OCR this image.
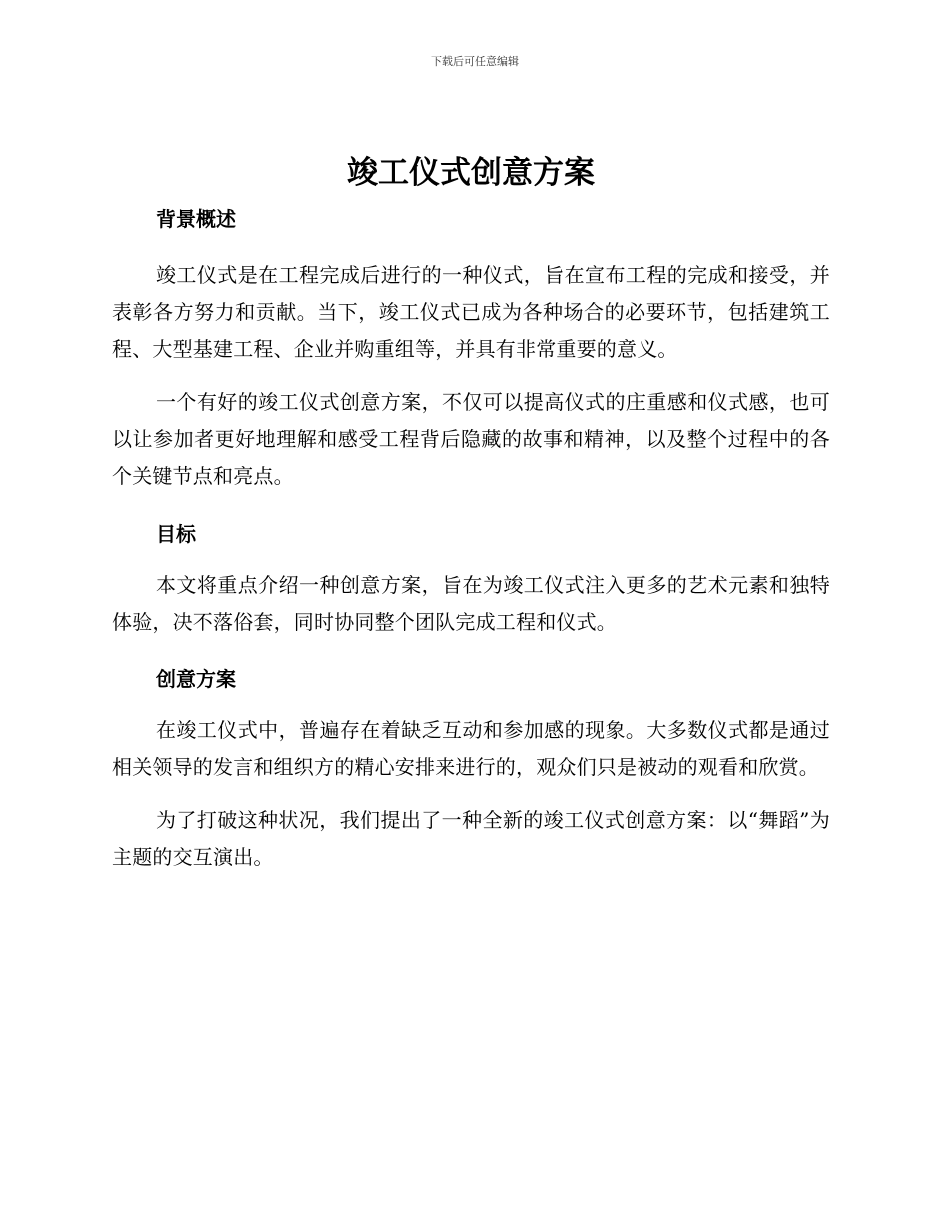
下载后可任意编辑
竣工仪式创意方案
背景概述

竣工仪式是在工程完成后进行的一种仪式，旨在宣布工程的完成和接受，并表彰各方努力和贡献。当下，竣工仪式已成为各种场合的必要环节，包括建筑工程、大型基建工程、企业并购重组等，并具有非常重要的意义。

一个有好的竣工仪式创意方案，不仅可以提高仪式的庄重感和仪式感，也可以让参加者更好地理解和感受工程背后隐藏的故事和精神，以及整个过程中的各个关键节点和亮点。

目标

本文将重点介绍一种创意方案，旨在为竣工仪式注入更多的艺术元素和独特体验，决不落俗套，同时协同整个团队完成工程和仪式。

创意方案

在竣工仪式中，普遍存在着缺乏互动和参加感的现象。大多数仪式都是通过相关领导的发言和组织方的精心安排来进行的，观众们只是被动的观看和欣赏。

为了打破这种状况，我们提出了一种全新的竣工仪式创意方案：以“舞蹈”为主题的交互演出。
